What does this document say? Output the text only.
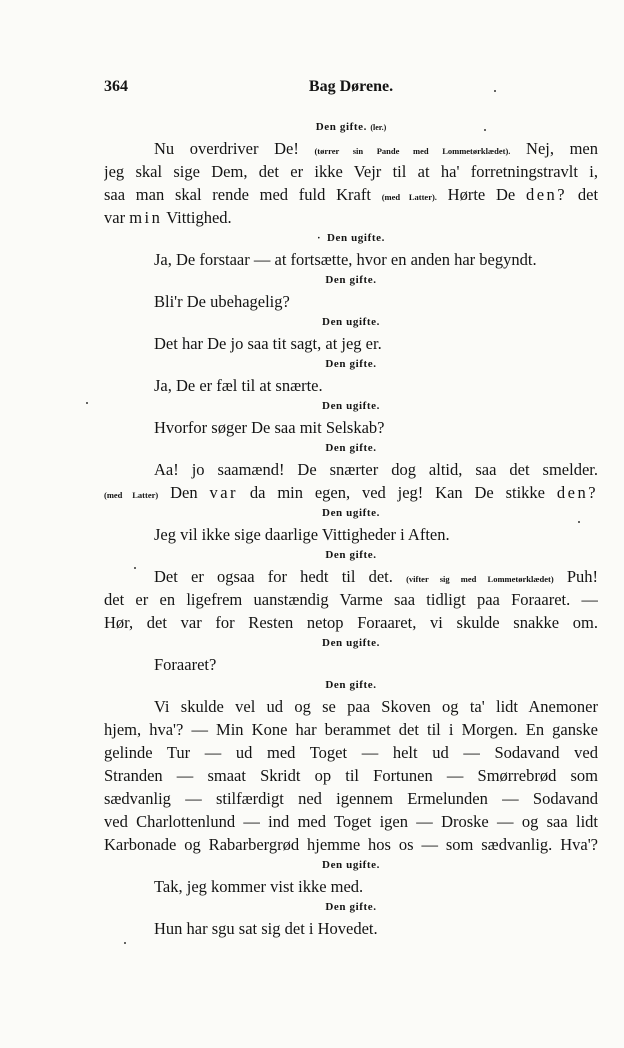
364	Bag Dørene.
Den gifte. (ler.)
Nu overdriver De! (tørrer sin Pande med Lommetørklædet). Nej, men
jeg skal sige Dem, det er ikke Vejr til at ha' forretningstravlt i,
saa man skal rende med fuld Kraft (med Latter). Hørte De den? det
var min Vittighed.
· Den ugifte.
Ja, De forstaar — at fortsætte, hvor en anden har begyndt.
Den gifte.
Bli'r De ubehagelig?
Den ugifte.
Det har De jo saa tit sagt, at jeg er.
Den gifte.
Ja, De er fæl til at snærte.
Den ugifte.
Hvorfor søger De saa mit Selskab?
Den gifte.
Aa! jo saamænd! De snærter dog altid, saa det smelder.
(med Latter) Den var da min egen, ved jeg! Kan De stikke den?
Den ugifte.
Jeg vil ikke sige daarlige Vittigheder i Aften.
Den gifte.
Det er ogsaa for hedt til det. (vifter sig med Lommetørklædet) Puh!
det er en ligefrem uanstændig Varme saa tidligt paa Foraaret. —
Hør, det var for Resten netop Foraaret, vi skulde snakke om.
Den ugifte.
Foraaret?
Den gifte.
Vi skulde vel ud og se paa Skoven og ta' lidt Anemoner
hjem, hva'? — Min Kone har berammet det til i Morgen. En ganske
gelinde Tur — ud med Toget — helt ud — Sodavand ved
Stranden — smaat Skridt op til Fortunen — Smørrebrød som
sædvanlig — stilfærdigt ned igennem Ermelunden — Sodavand
ved Charlottenlund — ind med Toget igen — Droske — og saa lidt
Karbonade og Rabarbergrød hjemme hos os — som sædvanlig. Hva'?
Den ugifte.
Tak, jeg kommer vist ikke med.
Den gifte.
Hun har sgu sat sig det i Hovedet.
